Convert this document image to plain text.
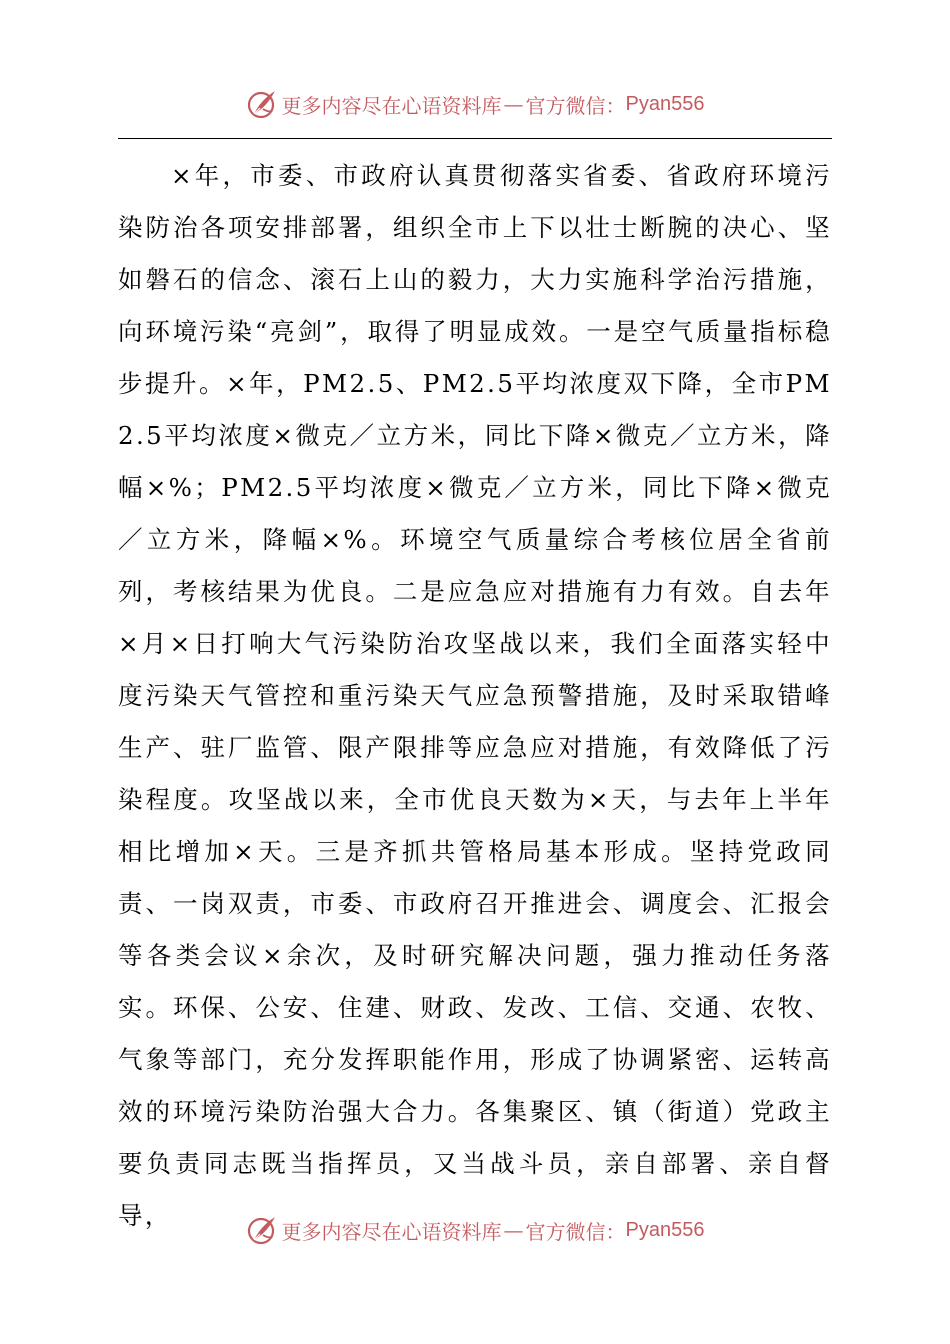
更多内容尽在心语资料库 — 官方微信： Pyan556

×年，市委、市政府认真贯彻落实省委、省政府环境污染防治各项安排部署，组织全市上下以壮士断腕的决心、坚如磐石的信念、滚石上山的毅力，大力实施科学治污措施，向环境污染“亮剑”，取得了明显成效。一是空气质量指标稳步提升。×年，PM2.5、PM2.5平均浓度双下降，全市PM2.5平均浓度×微克／立方米，同比下降×微克／立方米，降幅×%；PM2.5平均浓度×微克／立方米，同比下降×微克／立方米，降幅×%。环境空气质量综合考核位居全省前列，考核结果为优良。二是应急应对措施有力有效。自去年×月×日打响大气污染防治攻坚战以来，我们全面落实轻中度污染天气管控和重污染天气应急预警措施，及时采取错峰生产、驻厂监管、限产限排等应急应对措施，有效降低了污染程度。攻坚战以来，全市优良天数为×天，与去年上半年相比增加×天。三是齐抓共管格局基本形成。坚持党政同责、一岗双责，市委、市政府召开推进会、调度会、汇报会等各类会议×余次，及时研究解决问题，强力推动任务落实。环保、公安、住建、财政、发改、工信、交通、农牧、气象等部门，充分发挥职能作用，形成了协调紧密、运转高效的环境污染防治强大合力。各集聚区、镇（街道）党政主要负责同志既当指挥员，又当战斗员，亲自部署、亲自督导，

更多内容尽在心语资料库 — 官方微信： Pyan556
